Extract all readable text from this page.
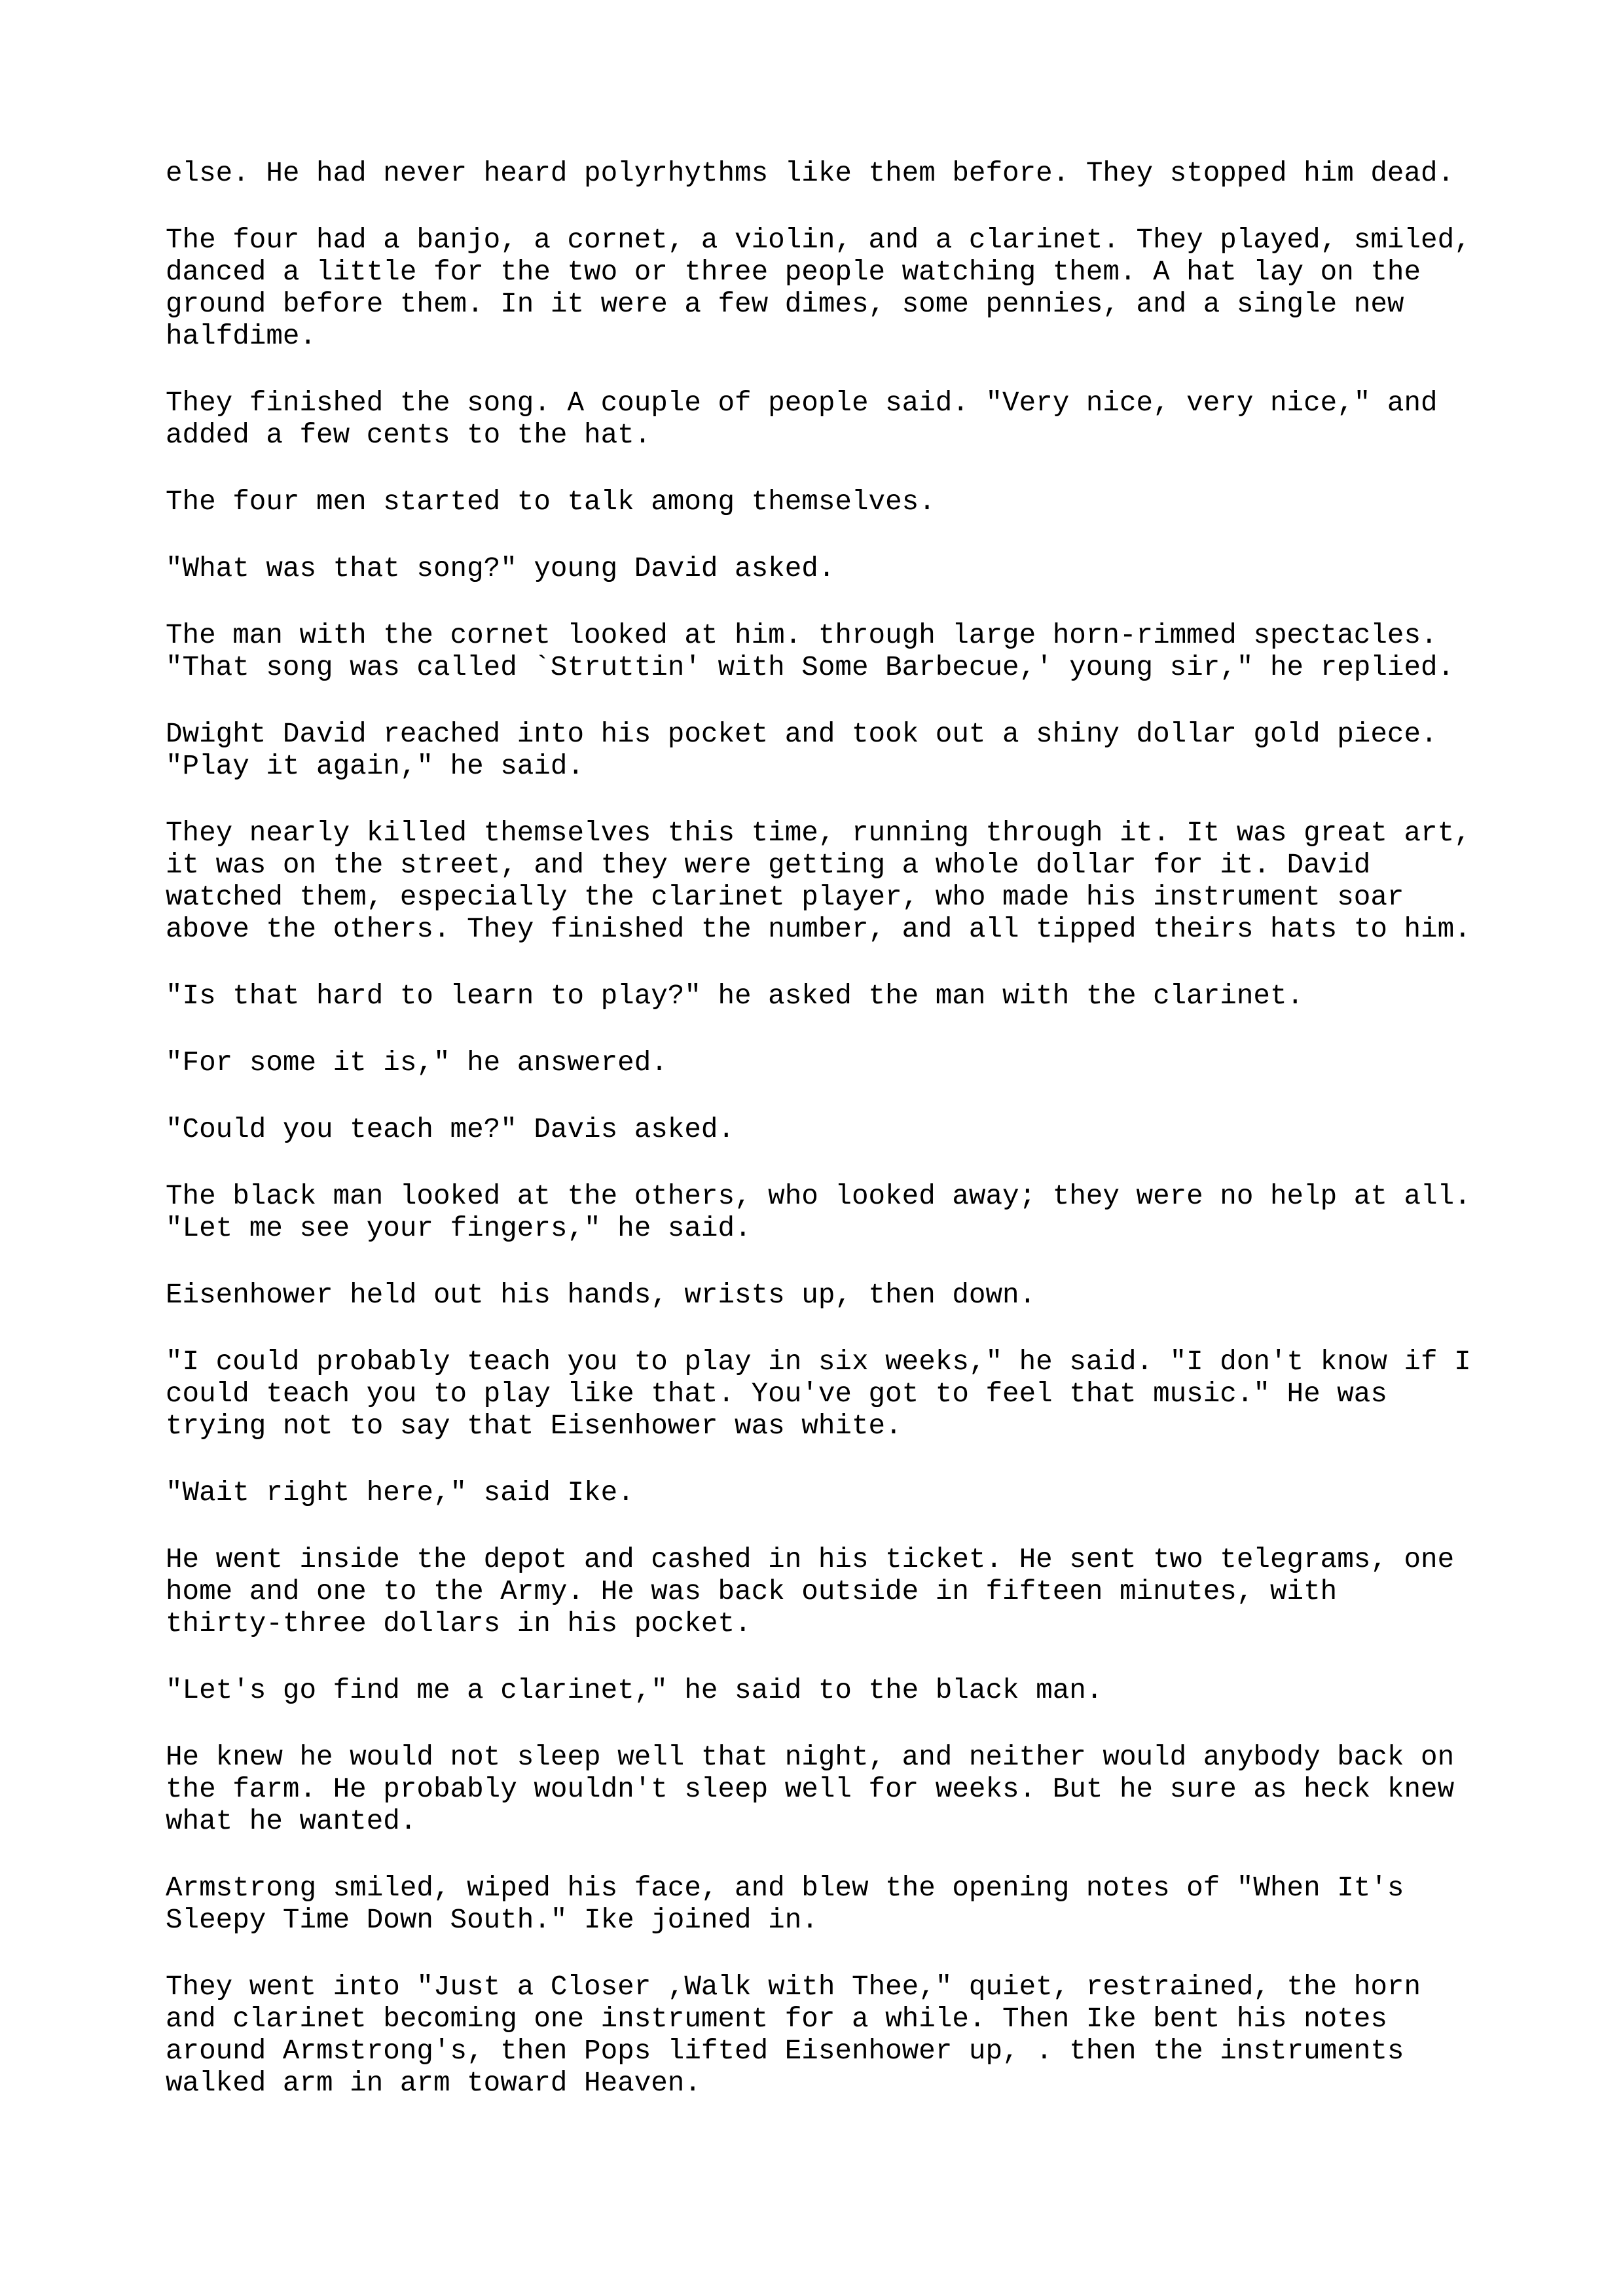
else. He had never heard polyrhythms like them before. They stopped him dead.

The four had a banjo, a cornet, a violin, and a clarinet. They played, smiled,
danced a little for the two or three people watching them. A hat lay on the
ground before them. In it were a few dimes, some pennies, and a single new
halfdime.

They finished the song. A couple of people said. "Very nice, very nice," and
added a few cents to the hat.

The four men started to talk among themselves.

"What was that song?" young David asked.

The man with the cornet looked at him. through large horn-rimmed spectacles.
"That song was called `Struttin' with Some Barbecue,' young sir," he replied.

Dwight David reached into his pocket and took out a shiny dollar gold piece.
"Play it again," he said.

They nearly killed themselves this time, running through it. It was great art,
it was on the street, and they were getting a whole dollar for it. David
watched them, especially the clarinet player, who made his instrument soar
above the others. They finished the number, and all tipped theirs hats to him.

"Is that hard to learn to play?" he asked the man with the clarinet.

"For some it is," he answered.

"Could you teach me?" Davis asked.

The black man looked at the others, who looked away; they were no help at all.
"Let me see your fingers," he said.

Eisenhower held out his hands, wrists up, then down.

"I could probably teach you to play in six weeks," he said. "I don't know if I
could teach you to play like that. You've got to feel that music." He was
trying not to say that Eisenhower was white.

"Wait right here," said Ike.

He went inside the depot and cashed in his ticket. He sent two telegrams, one
home and one to the Army. He was back outside in fifteen minutes, with
thirty-three dollars in his pocket.

"Let's go find me a clarinet," he said to the black man.

He knew he would not sleep well that night, and neither would anybody back on
the farm. He probably wouldn't sleep well for weeks. But he sure as heck knew
what he wanted.

Armstrong smiled, wiped his face, and blew the opening notes of "When It's
Sleepy Time Down South." Ike joined in.

They went into "Just a Closer ,Walk with Thee," quiet, restrained, the horn
and clarinet becoming one instrument for a while. Then Ike bent his notes
around Armstrong's, then Pops lifted Eisenhower up, . then the instruments
walked arm in arm toward Heaven.
